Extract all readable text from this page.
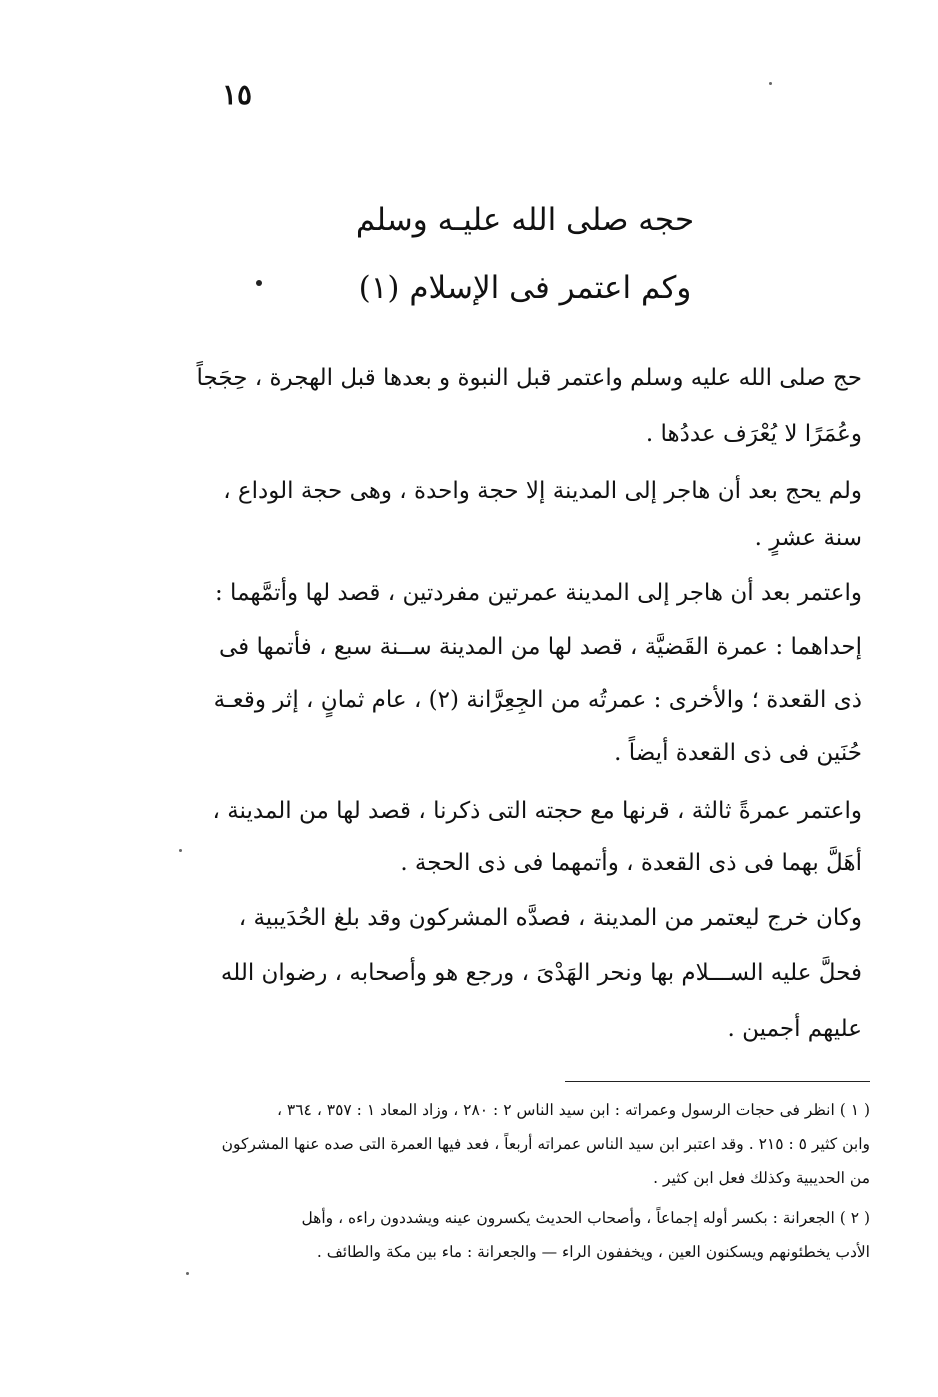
١٥
حجه صلى الله عليـه وسلم
وكم اعتمر فى الإسلام (١)
حج صلى الله عليه وسلم واعتمر قبل النبوة و بعدها قبل الهجرة ، حِجَجاً
وعُمَرًا لا يُعْرَف عددُها .
ولم يحج بعد أن هاجر إلى المدينة إلا حجة واحدة ، وهى حجة الوداع ،
سنة عشرٍ .
واعتمر بعد أن هاجر إلى المدينة عمرتين مفردتين ، قصد لها وأتمَّهما :
إحداهما : عمرة القَضيَّة ، قصد لها من المدينة ســنة سبع ، فأتمها فى
ذى القعدة ؛ والأخرى : عمرتُه من الجِعِرَّانة (٢) ، عام ثمانٍ ، إثر وقعـة
حُنَين فى ذى القعدة أيضاً .
واعتمر عمرةً ثالثة ، قرنها مع حجته التى ذكرنا ، قصد لها من المدينة ،
أهَلَّ بهما فى ذى القعدة ، وأتمهما فى ذى الحجة .
وكان خرج ليعتمر من المدينة ، فصدَّه المشركون وقد بلغ الحُدَيبية ،
فحلَّ عليه الســـلام بها ونحر الهَدْىَ ، ورجع هو وأصحابه ، رضوان الله
عليهم أجمين .
( ١ ) انظر فى حجات الرسول وعمراته : ابن سيد الناس ٢ : ٢٨٠ ، وزاد المعاد ١ : ٣٥٧ ، ٣٦٤ ،
وابن كثير ٥ : ٢١٥ . وقد اعتبر ابن سيد الناس عمراته أربعاً ، فعد فيها العمرة التى صده عنها المشركون
من الحديبية وكذلك فعل ابن كثير .
( ٢ ) الجعرانة : بكسر أوله إجماعاً ، وأصحاب الحديث يكسرون عينه ويشددون راءه ، وأهل
الأدب يخطئونهم ويسكنون العين ، ويخففون الراء — والجعرانة : ماء بين مكة والطائف .
